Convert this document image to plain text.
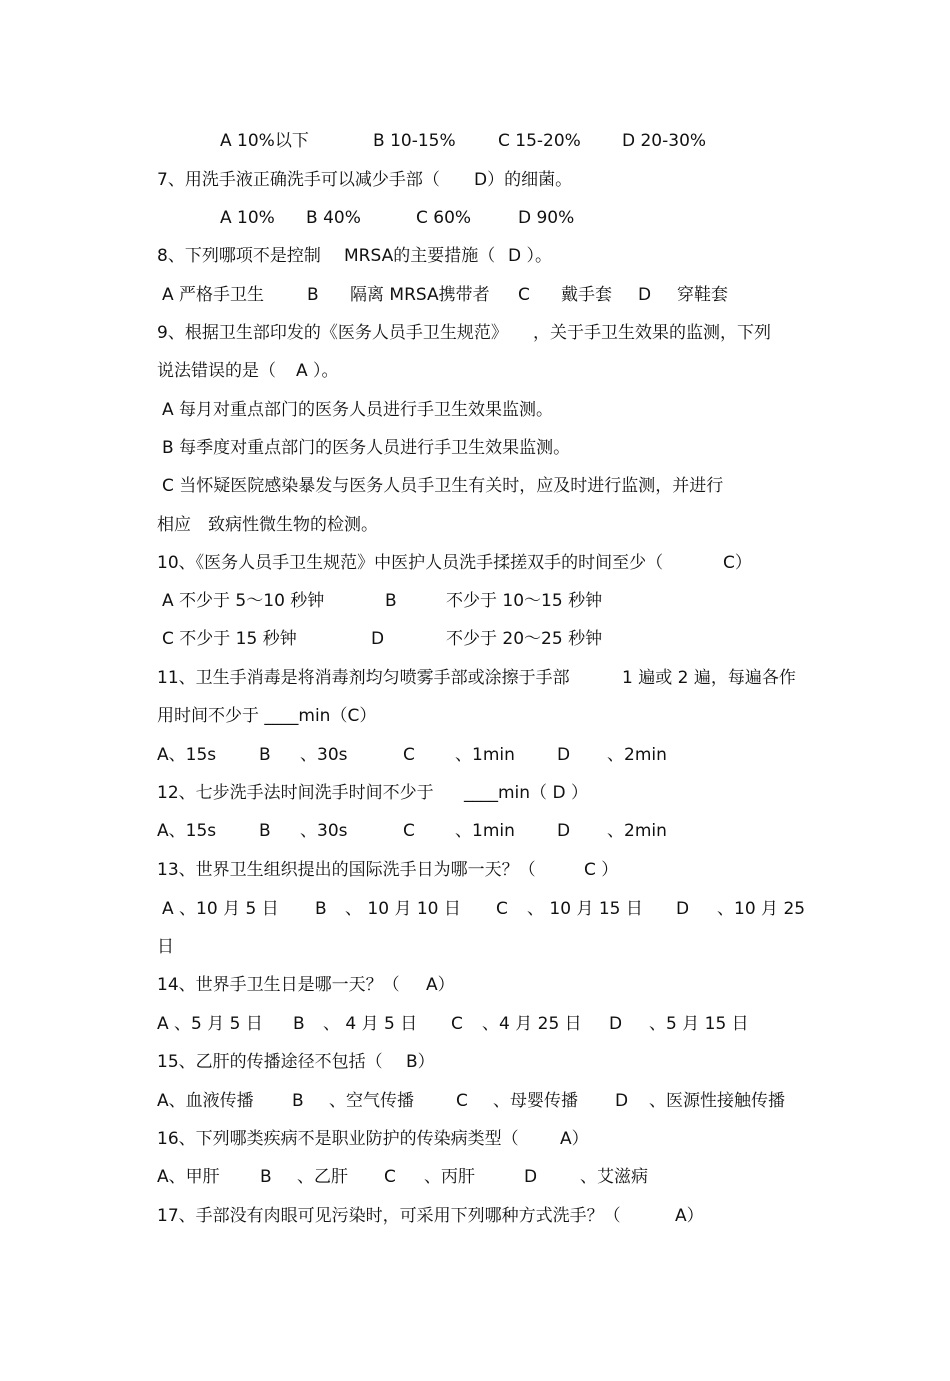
A 10%以下

	B 10-15%

C 15-20%

D 20-30%

7、用洗手液正确洗手可以减少手部（

D）的细菌。

A 10%

B 40%

	C 60%

	D 90%

8、下列哪项不是控制

MRSA的主要措施（

D ）。

A 严格手卫生

	B

隔离 MRSA携带者

C

戴手套

D

穿鞋套

9、根据卫生部印发的《医务人员手卫生规范》

，关于手卫生效果的监测，下列

说法错误的是（

A ）。

A 每月对重点部门的医务人员进行手卫生效果监测。

B 每季度对重点部门的医务人员进行手卫生效果监测。

C 当怀疑医院感染暴发与医务人员手卫生有关时，应及时进行监测，并进行

相应

致病性微生物的检测。

10、《医务人员手卫生规范》中医护人员洗手揉搓双手的时间至少（

	C）

A 不少于 5～10 秒钟

	B

	不少于 10～15 秒钟

C 不少于 15 秒钟

	D

	不少于 20～25 秒钟

11、卫生手消毒是将消毒剂均匀喷雾手部或涂擦于手部

	1 遍或 2 遍，每遍各作

用时间不少于 ____min（C）

A、15s

	B

、30s

	C

、1min

D

、2min

12、七步洗手法时间洗手时间不少于

____min（ D ）

A、15s

	B

、30s

	C

、1min

D

、2min

13、世界卫生组织提出的国际洗手日为哪一天？（

	C ）

A 、10 月 5 日

B

、 10 月 10 日

C

、 10 月 15 日

D

、10 月 25

日

14、世界手卫生日是哪一天？（

A）

A 、5 月 5 日

B

、 4 月 5 日

C

、4 月 25 日

D

、5 月 15 日

15、乙肝的传播途径不包括（

B）

A、血液传播

B

、空气传播

C

、母婴传播

D

、医源性接触传播

16、下列哪类疾病不是职业防护的传染病类型（

A）

A、甲肝

B

、乙肝

C

、丙肝

	D

	、艾滋病

17、手部没有肉眼可见污染时，可采用下列哪种方式洗手？（

	A）
